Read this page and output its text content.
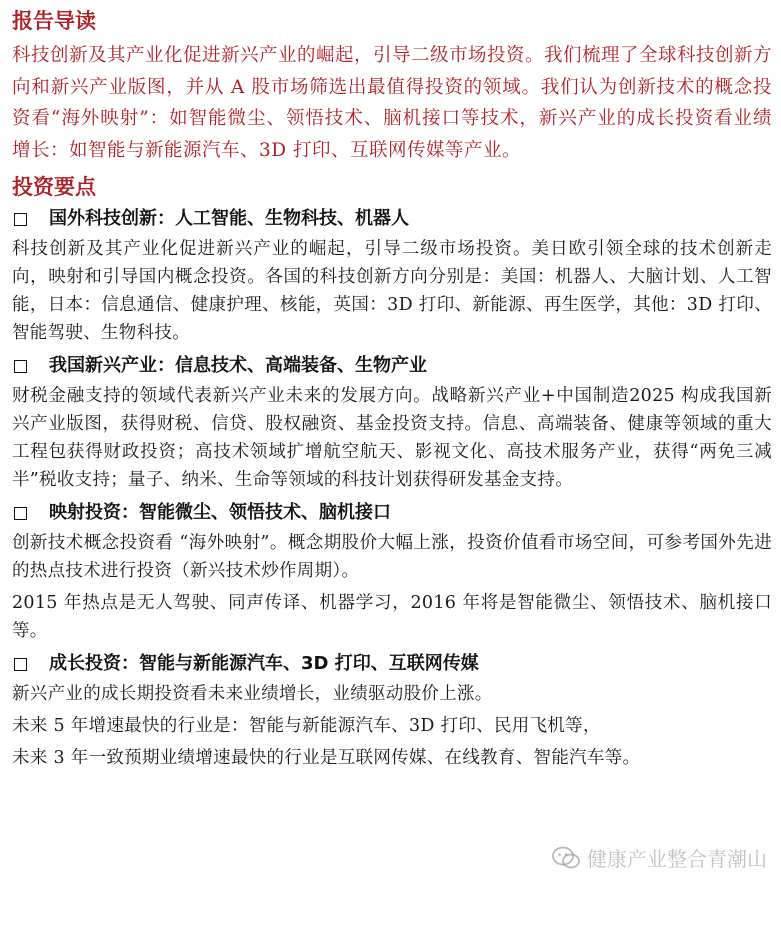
报告导读

科技创新及其产业化促进新兴产业的崛起，引导二级市场投资。我们梳理了全球科技创新方向和新兴产业版图，并从 A 股市场筛选出最值得投资的领域。我们认为创新技术的概念投资看“海外映射”：如智能微尘、领悟技术、脑机接口等技术，新兴产业的成长投资看业绩增长：如智能与新能源汽车、3D 打印、互联网传媒等产业。

投资要点
国外科技创新：人工智能、生物科技、机器人

科技创新及其产业化促进新兴产业的崛起，引导二级市场投资。美日欧引领全球的技术创新走向，映射和引导国内概念投资。各国的科技创新方向分别是：美国：机器人、大脑计划、人工智能，日本：信息通信、健康护理、核能，英国：3D 打印、新能源、再生医学，其他：3D 打印、智能驾驶、生物科技。

我国新兴产业：信息技术、高端装备、生物产业

财税金融支持的领域代表新兴产业未来的发展方向。战略新兴产业+中国制造2025 构成我国新兴产业版图，获得财税、信贷、股权融资、基金投资支持。信息、高端装备、健康等领域的重大工程包获得财政投资；高技术领域扩增航空航天、影视文化、高技术服务产业，获得“两免三减半”税收支持；量子、纳米、生命等领域的科技计划获得研发基金支持。

映射投资：智能微尘、领悟技术、脑机接口

创新技术概念投资看 “海外映射”。概念期股价大幅上涨，投资价值看市场空间，可参考国外先进的热点技术进行投资（新兴技术炒作周期）。

2015 年热点是无人驾驶、同声传译、机器学习，2016 年将是智能微尘、领悟技术、脑机接口等。

成长投资：智能与新能源汽车、3D 打印、互联网传媒

新兴产业的成长期投资看未来业绩增长，业绩驱动股价上涨。

未来 5 年增速最快的行业是：智能与新能源汽车、3D 打印、民用飞机等，

未来 3 年一致预期业绩增速最快的行业是互联网传媒、在线教育、智能汽车等。

健康产业整合青潮山
